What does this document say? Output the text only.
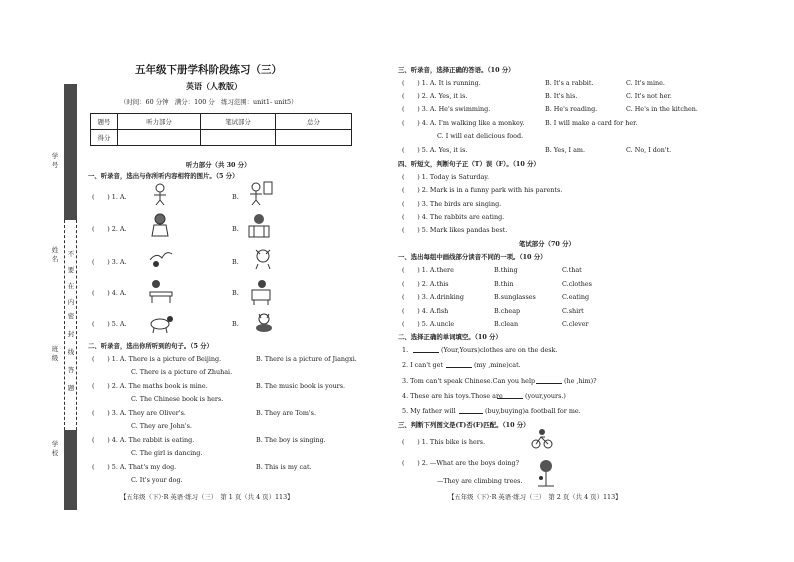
学号
姓名
班级
学校
不
要
在
密
封
线
内
答
题
五年级下册学科阶段练习（三）
英语（人教版）
（时间：60 分钟　满分：100 分　练习范围：unit1- unit5）
题号	听力部分	笔试部分	总分
得分			
听力部分（共 30 分）
一、听录音，选出与你所听内容相符的图片。（5 分）
(　　) 1. A.	B.
(　　) 2. A.	B.
(　　) 3. A.	B.
(　　) 4. A.	B.
(　　) 5. A.	B.
二、听录音，选出你所听到的句子。（5 分）
(　　) 1. A. There is a picture of Beijing.	B. There is a picture of Jiangxi.
C. There is a picture of Zhuhai.
(　　) 2. A. The maths book is mine.	B. The music book is yours.
C. The Chinese book is hers.
(　　) 3. A. They are Oliver's.	B. They are Tom's.
C. They are John's.
(　　) 4. A. The rabbit is eating.	B. The boy is singing.
C. The girl is dancing.
(　　) 5. A. That's my dog.	B. This is my cat.
C. It's your dog.
【五年级（下）·R 英语·练习（三）　第 1 页（共 4 页）113】
三、听录音，选择正确的答语。（10 分）
(　　) 1. A. It is running.	B. It's a rabbit.	C. It's mine.
(　　) 2. A. Yes, it is.	B. It's his.	C. It's not her.
(　　) 3. A. He's swimming.	B. He's reading.	C. He's in the kitchen.
(　　) 4. A. I'm walking like a monkey.	B. I will make a card for her.
C. I will eat delicious food.
(　　) 5. A. Yes, it is.	B. Yes, I am.	C. No, I don't.
四、听短文，判断句子正（T）误（F）。（10 分）
(　　) 1. Today is Saturday.
(　　) 2. Mark is in a funny park with his parents.
(　　) 3. The birds are singing.
(　　) 4. The rabbits are eating.
(　　) 5. Mark likes pandas best.
笔试部分（70 分）
一、选出每组中画线部分读音不同的一项。（10 分）
(　　) 1. A.there	B.thing	C.that
(　　) 2. A.this	B.thin	C.clothes
(　　) 3. A.drinking	B.sunglasses	C.eating
(　　) 4. A.fish	B.cheap	C.shirt
(　　) 5. A.uncle	B.clean	C.clever
二、选择正确的单词填空。（10 分）
1.	(Your,Yours)clothes are on the desk.
2. I can't get	(my ,mine)cat.
3. Tom can't speak Chinese.Can you help	(he ,him)?
4. These are his toys.Those are	(your,yours.)
5. My father will	(buy,buying)a football for me.
三、判断下列图文是(T)否(F)匹配。（10 分）
(　　) 1. This bike is hers.
(　　) 2. —What are the boys doing?
—They are climbing trees.
【五年级（下）·R 英语·练习（三）　第 2 页（共 4 页）113】
